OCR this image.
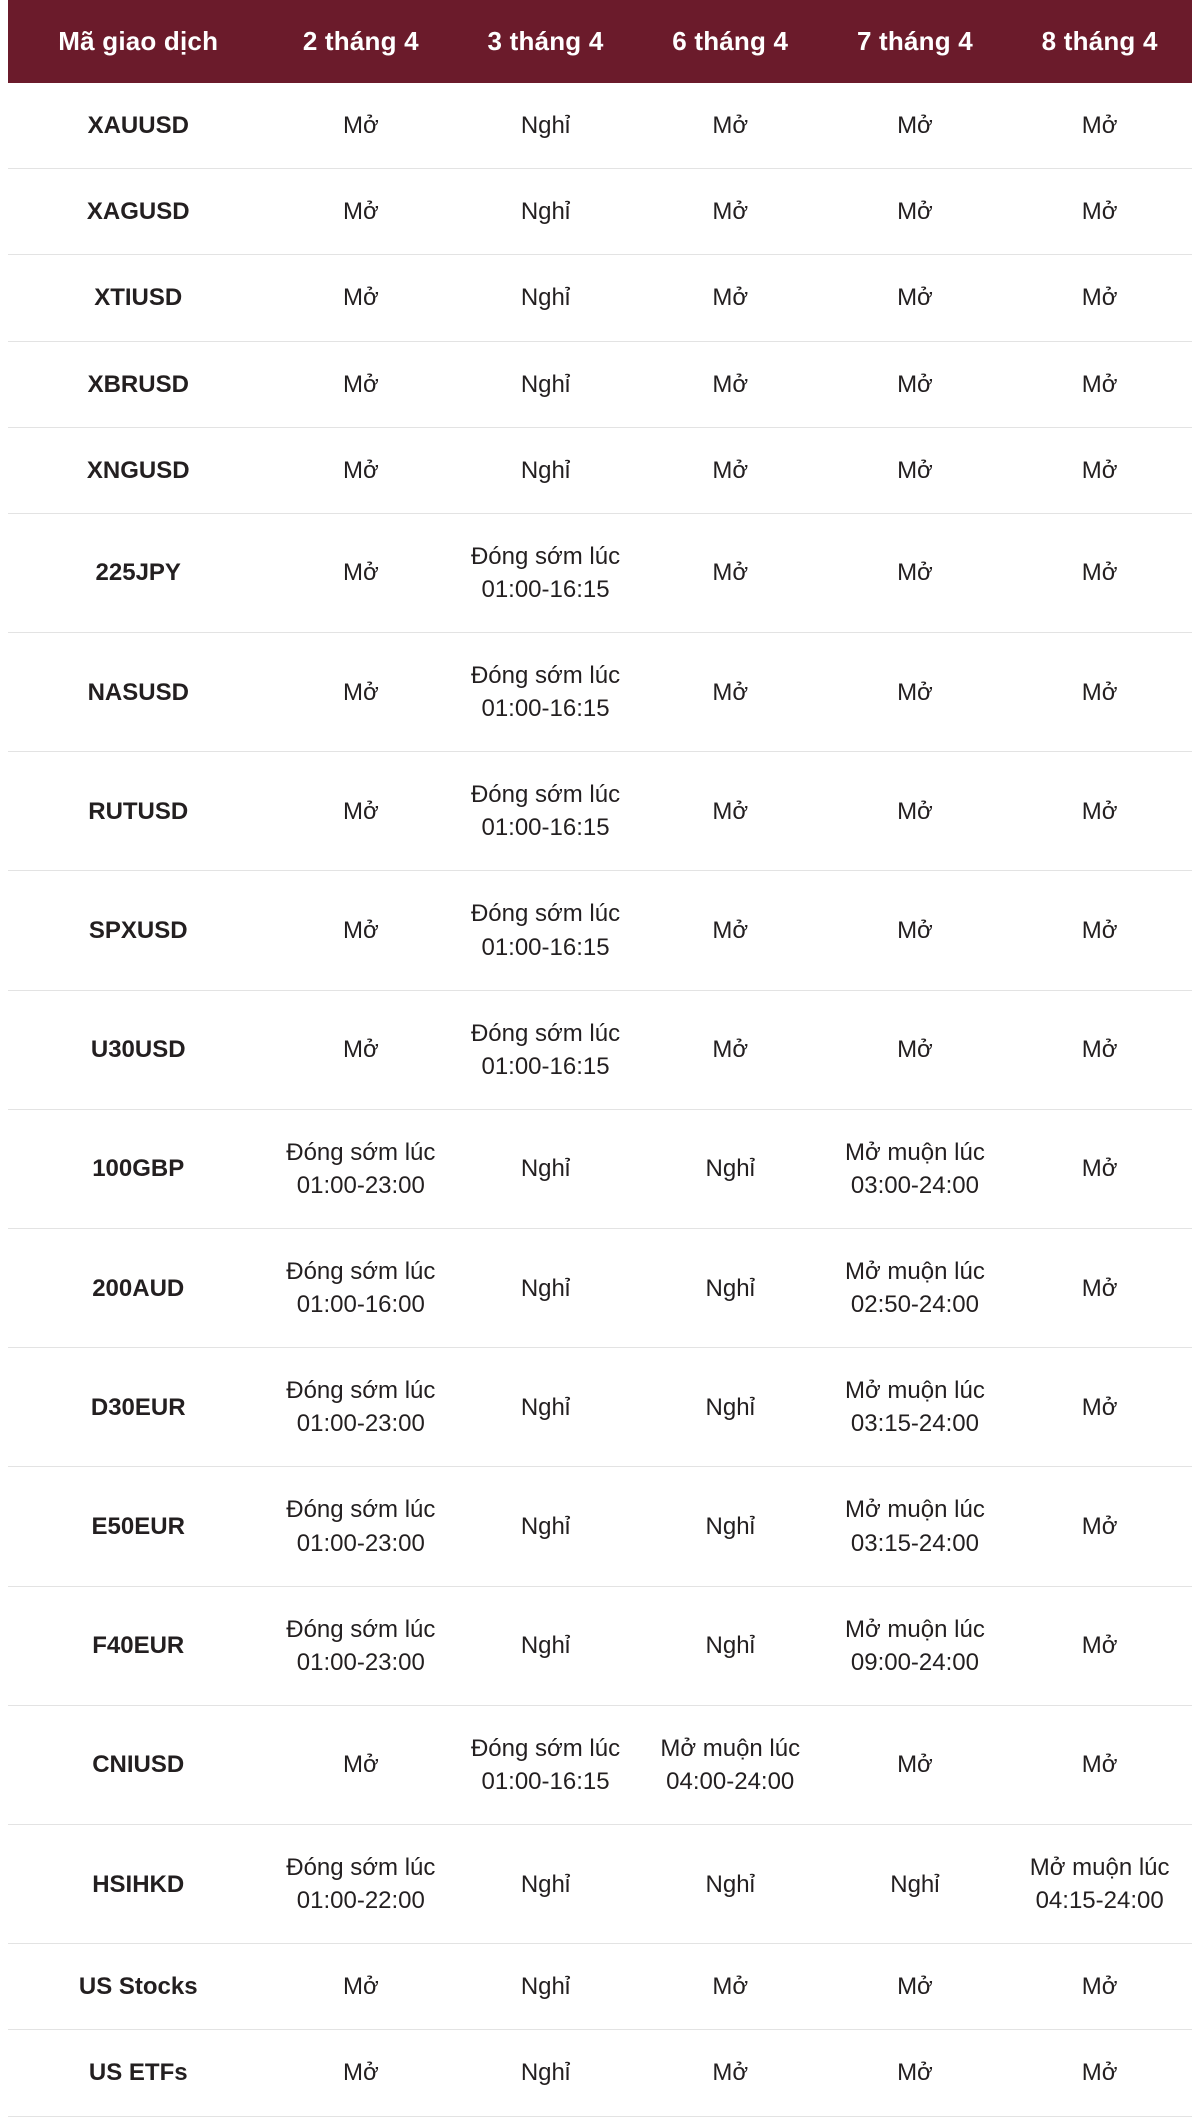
Mã giao dịch	2 tháng 4	3 tháng 4	6 tháng 4	7 tháng 4	8 tháng 4
XAUUSD	Mở	Nghỉ	Mở	Mở	Mở

XAGUSD	Mở	Nghỉ	Mở	Mở	Mở

XTIUSD	Mở	Nghỉ	Mở	Mở	Mở

XBRUSD	Mở	Nghỉ	Mở	Mở	Mở

XNGUSD	Mở	Nghỉ	Mở	Mở	Mở

225JPY	Mở	Đóng sớm lúc
01:00-16:15	Mở	Mở	Mở

NASUSD	Mở	Đóng sớm lúc
01:00-16:15	Mở	Mở	Mở

RUTUSD	Mở	Đóng sớm lúc
01:00-16:15	Mở	Mở	Mở

SPXUSD	Mở	Đóng sớm lúc
01:00-16:15	Mở	Mở	Mở

U30USD	Mở	Đóng sớm lúc
01:00-16:15	Mở	Mở	Mở

100GBP	Đóng sớm lúc
01:00-23:00	Nghỉ	Nghỉ	Mở muộn lúc
03:00-24:00	Mở

200AUD	Đóng sớm lúc
01:00-16:00	Nghỉ	Nghỉ	Mở muộn lúc
02:50-24:00	Mở

D30EUR	Đóng sớm lúc
01:00-23:00	Nghỉ	Nghỉ	Mở muộn lúc
03:15-24:00	Mở

E50EUR	Đóng sớm lúc
01:00-23:00	Nghỉ	Nghỉ	Mở muộn lúc
03:15-24:00	Mở

F40EUR	Đóng sớm lúc
01:00-23:00	Nghỉ	Nghỉ	Mở muộn lúc
09:00-24:00	Mở

CNIUSD	Mở	Đóng sớm lúc
01:00-16:15	Mở muộn lúc
04:00-24:00	Mở	Mở

HSIHKD	Đóng sớm lúc
01:00-22:00	Nghỉ	Nghỉ	Nghỉ	Mở muộn lúc
04:15-24:00

US Stocks	Mở	Nghỉ	Mở	Mở	Mở

US ETFs	Mở	Nghỉ	Mở	Mở	Mở
